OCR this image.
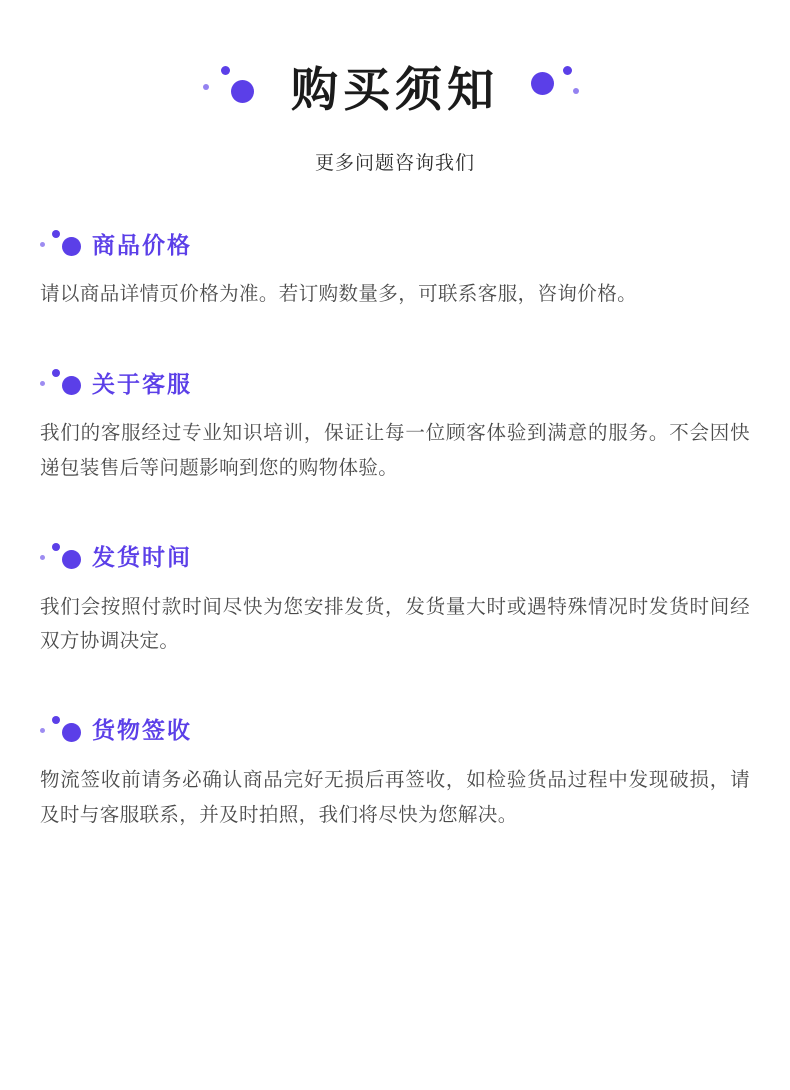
购买须知
更多问题咨询我们
商品价格

请以商品详情页价格为准。若订购数量多，可联系客服，咨询价格。

关于客服

我们的客服经过专业知识培训，保证让每一位顾客体验到满意的服务。不会因快递包装售后等问题影响到您的购物体验。

发货时间

我们会按照付款时间尽快为您安排发货，发货量大时或遇特殊情况时发货时间经双方协调决定。

货物签收

物流签收前请务必确认商品完好无损后再签收，如检验货品过程中发现破损，请及时与客服联系，并及时拍照，我们将尽快为您解决。
